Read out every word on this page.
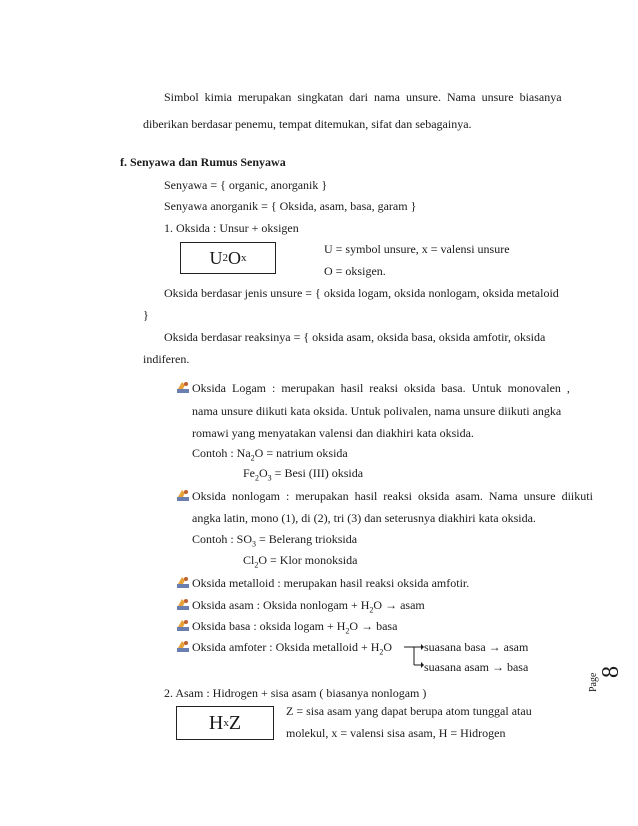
Simbol kimia merupakan singkatan dari nama unsure. Nama unsure biasanya
diberikan berdasar penemu, tempat ditemukan, sifat dan sebagainya.
f. Senyawa dan Rumus Senyawa
Senyawa = { organic, anorganik }
Senyawa anorganik = { Oksida, asam, basa, garam }
1. Oksida : Unsur + oksigen
U 2 O x
U = symbol unsure, x = valensi unsure
O = oksigen.
Oksida berdasar jenis unsure = { oksida logam, oksida nonlogam, oksida metaloid
}
Oksida berdasar reaksinya = { oksida asam, oksida basa, oksida amfotir, oksida
indiferen.
Oksida Logam : merupakan hasil reaksi oksida basa. Untuk monovalen ,
nama unsure diikuti kata oksida. Untuk polivalen, nama unsure diikuti angka
romawi yang menyatakan valensi dan diakhiri kata oksida.
Contoh : $Na_2O$ = natrium oksida
$Fe_2O_3$ = Besi (III) oksida
Oksida nonlogam : merupakan hasil reaksi oksida asam. Nama unsure diikuti
angka latin, mono (1), di (2), tri (3) dan seterusnya diakhiri kata oksida.
Contoh : $SO_3$ = Belerang trioksida
$Cl_2O$ = Klor monoksida
Oksida metalloid : merupakan hasil reaksi oksida amfotir.
Oksida asam : Oksida nonlogam + $H_2O$ → asam
Oksida basa : oksida logam + $H_2O$ → basa
Oksida amfoter : Oksida metalloid + $H_2O$	suasana basa → asam
suasana asam → basa
2. Asam : Hidrogen + sisa asam ( biasanya nonlogam )
H x Z
Z = sisa asam yang dapat berupa atom tunggal atau
molekul, x = valensi sisa asam, H = Hidrogen
Page
8
